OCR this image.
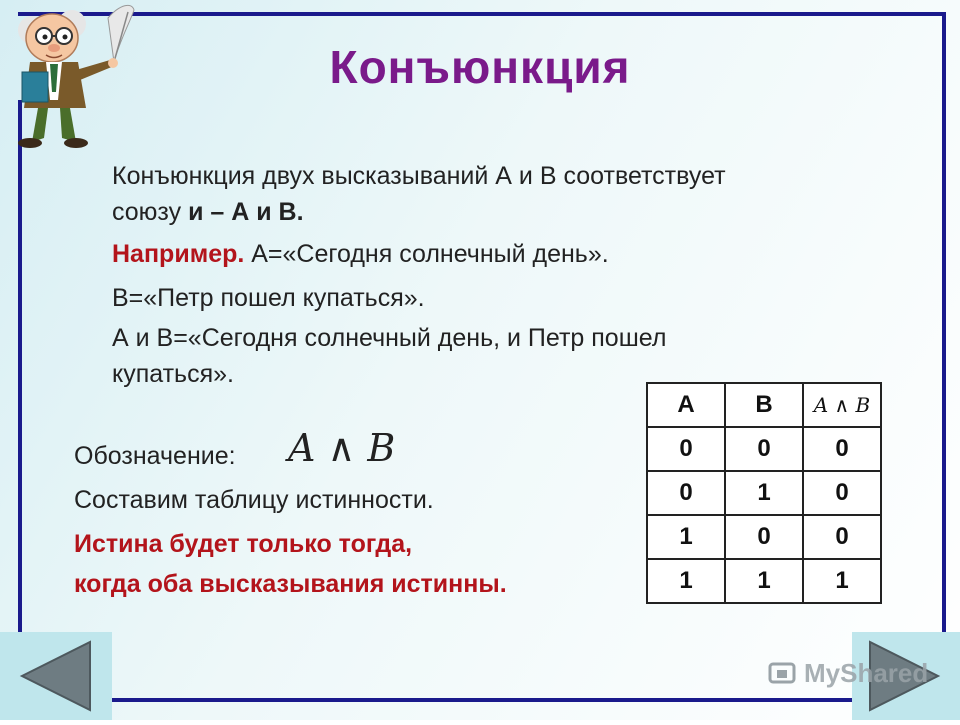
Конъюнкция
Конъюнкция двух высказываний А и В соответствует
союзу и – А и В.
Например. А=«Сегодня солнечный день».
В=«Петр пошел купаться».
А и В=«Сегодня солнечный день, и Петр пошел
купаться».
Обозначение: A ∧ B
Составим таблицу истинности.
Истина будет только тогда,
когда оба высказывания истинны.
А	В	A ∧ B
0	0	0
0	1	0
1	0	0
1	1	1
MyShared
